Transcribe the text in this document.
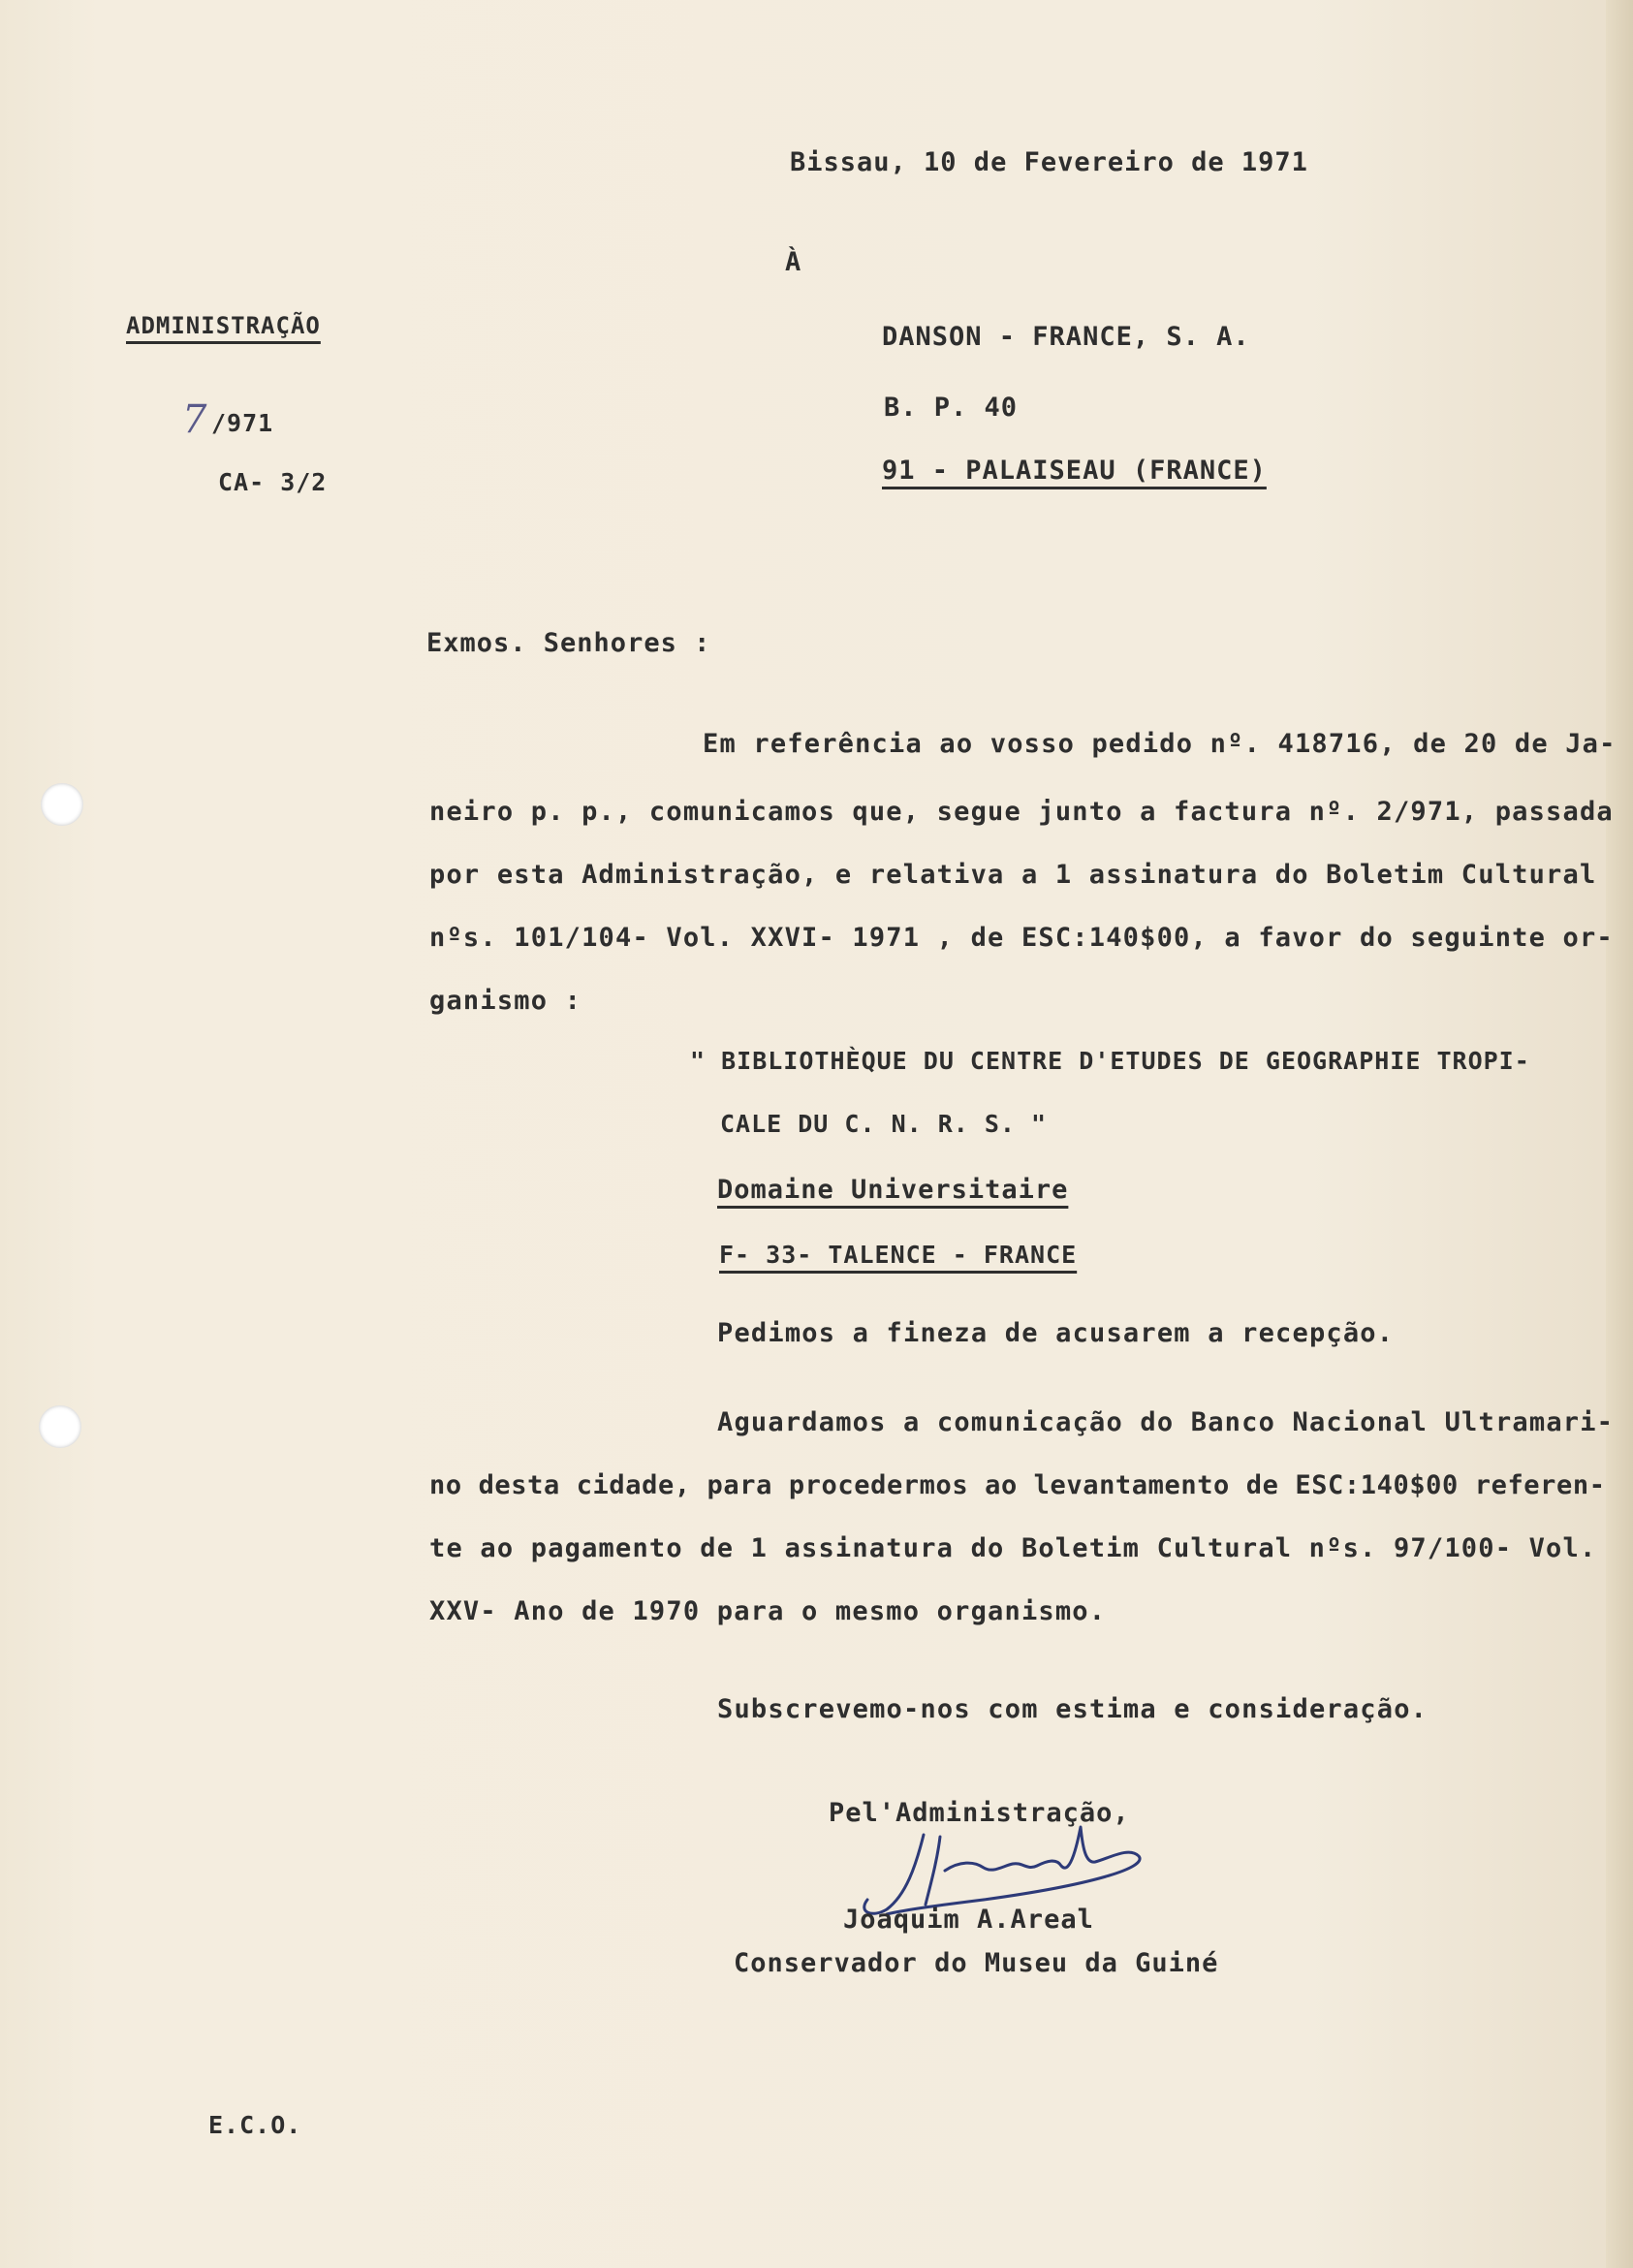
Bissau, 10 de Fevereiro de 1971
À
ADMINISTRAÇÃO
7 /971
CA- 3/2
DANSON - FRANCE, S. A.
B. P. 40
91 - PALAISEAU (FRANCE)
Exmos. Senhores :
Em referência ao vosso pedido nº. 418716, de 20 de Ja-
neiro p. p., comunicamos que, segue junto a factura nº. 2/971, passada
por esta Administração, e relativa a 1 assinatura do Boletim Cultural
nºs. 101/104- Vol. XXVI- 1971 , de ESC:140$00, a favor do seguinte or-
ganismo :
" BIBLIOTHÈQUE DU CENTRE D'ETUDES DE GEOGRAPHIE TROPI-
CALE DU C. N. R. S. "
Domaine Universitaire
F- 33- TALENCE - FRANCE
Pedimos a fineza de acusarem a recepção.
Aguardamos a comunicação do Banco Nacional Ultramari-
no desta cidade, para procedermos ao levantamento de ESC:140$00 referen-
te ao pagamento de 1 assinatura do Boletim Cultural nºs. 97/100- Vol.
XXV- Ano de 1970 para o mesmo organismo.
Subscrevemo-nos com estima e consideração.
Pel'Administração,
Joaquim A.Areal
Conservador do Museu da Guiné
E.C.O.
